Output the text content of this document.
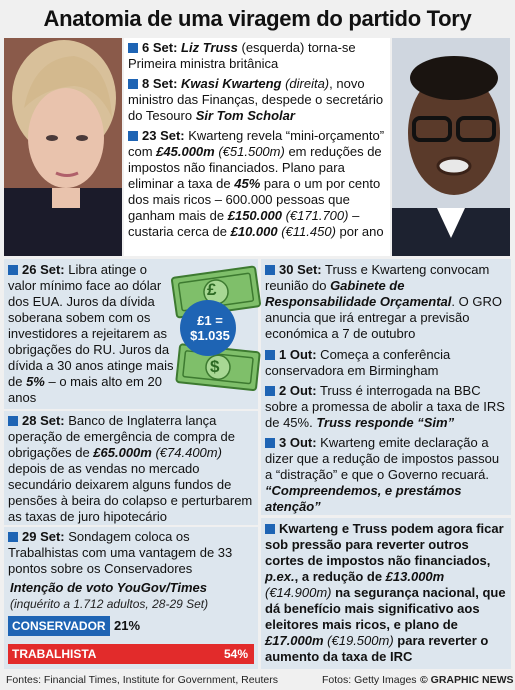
Anatomia de uma viragem do partido Tory
6 Set: Liz Truss (esquerda) torna-se Primeira ministra britânica
8 Set: Kwasi Kwarteng (direita), novo ministro das Finanças, despede o secretário do Tesouro Sir Tom Scholar
23 Set: Kwarteng revela “mini-orçamento” com £45.000m (€51.500m) em reduções de impostos não financiados. Plano para eliminar a taxa de 45% para o um por cento dos mais ricos – 600.000 pessoas que ganham mais de £150.000 (€171.700) – custaria cerca de £10.000 (€11.450) por ano
£
$
£1 =
$1.035
26 Set: Libra atinge o valor mínimo face ao dólar dos EUA. Juros da dívida soberana sobem com os investidores a rejeitarem as obrigações do RU. Juros da dívida a 30 anos atinge mais de 5% – o mais alto em 20 anos
28 Set: Banco de Inglaterra lança operação de emergência de compra de obrigações de £65.000m (€74.400m) depois de as vendas no mercado secundário deixarem alguns fundos de pensões à beira do colapso e perturbarem as taxas de juro hipotecário
29 Set: Sondagem coloca os Trabalhistas com uma vantagem de 33 pontos sobre os Conservadores
Intenção de voto YouGov/Times
(inquérito a 1.712 adultos, 28-29 Set)
CONSERVADOR 21%
TRABALHISTA	54%
30 Set: Truss e Kwarteng convocam reunião do Gabinete de Responsabilidade Orçamental. O GRO anuncia que irá entregar a previsão económica a 7 de outubro
1 Out: Começa a conferência conservadora em Birmingham
2 Out: Truss é interrogada na BBC sobre a promessa de abolir a taxa de IRS de 45%. Truss responde “Sim”
3 Out: Kwarteng emite declaração a dizer que a redução de impostos passou a “distração” e que o Governo recuará. “Compreendemos, e prestámos atenção”
Kwarteng e Truss podem agora ficar sob pressão para reverter outros cortes de impostos não financiados, p.ex., a redução de £13.000m (€14.900m) na segurança nacional, que dá benefício mais significativo aos eleitores mais ricos, e plano de £17.000m (€19.500m) para reverter o aumento da taxa de IRC
Fontes: Financial Times, Institute for Government, Reuters	Fotos: Getty Images © GRAPHIC NEWS
